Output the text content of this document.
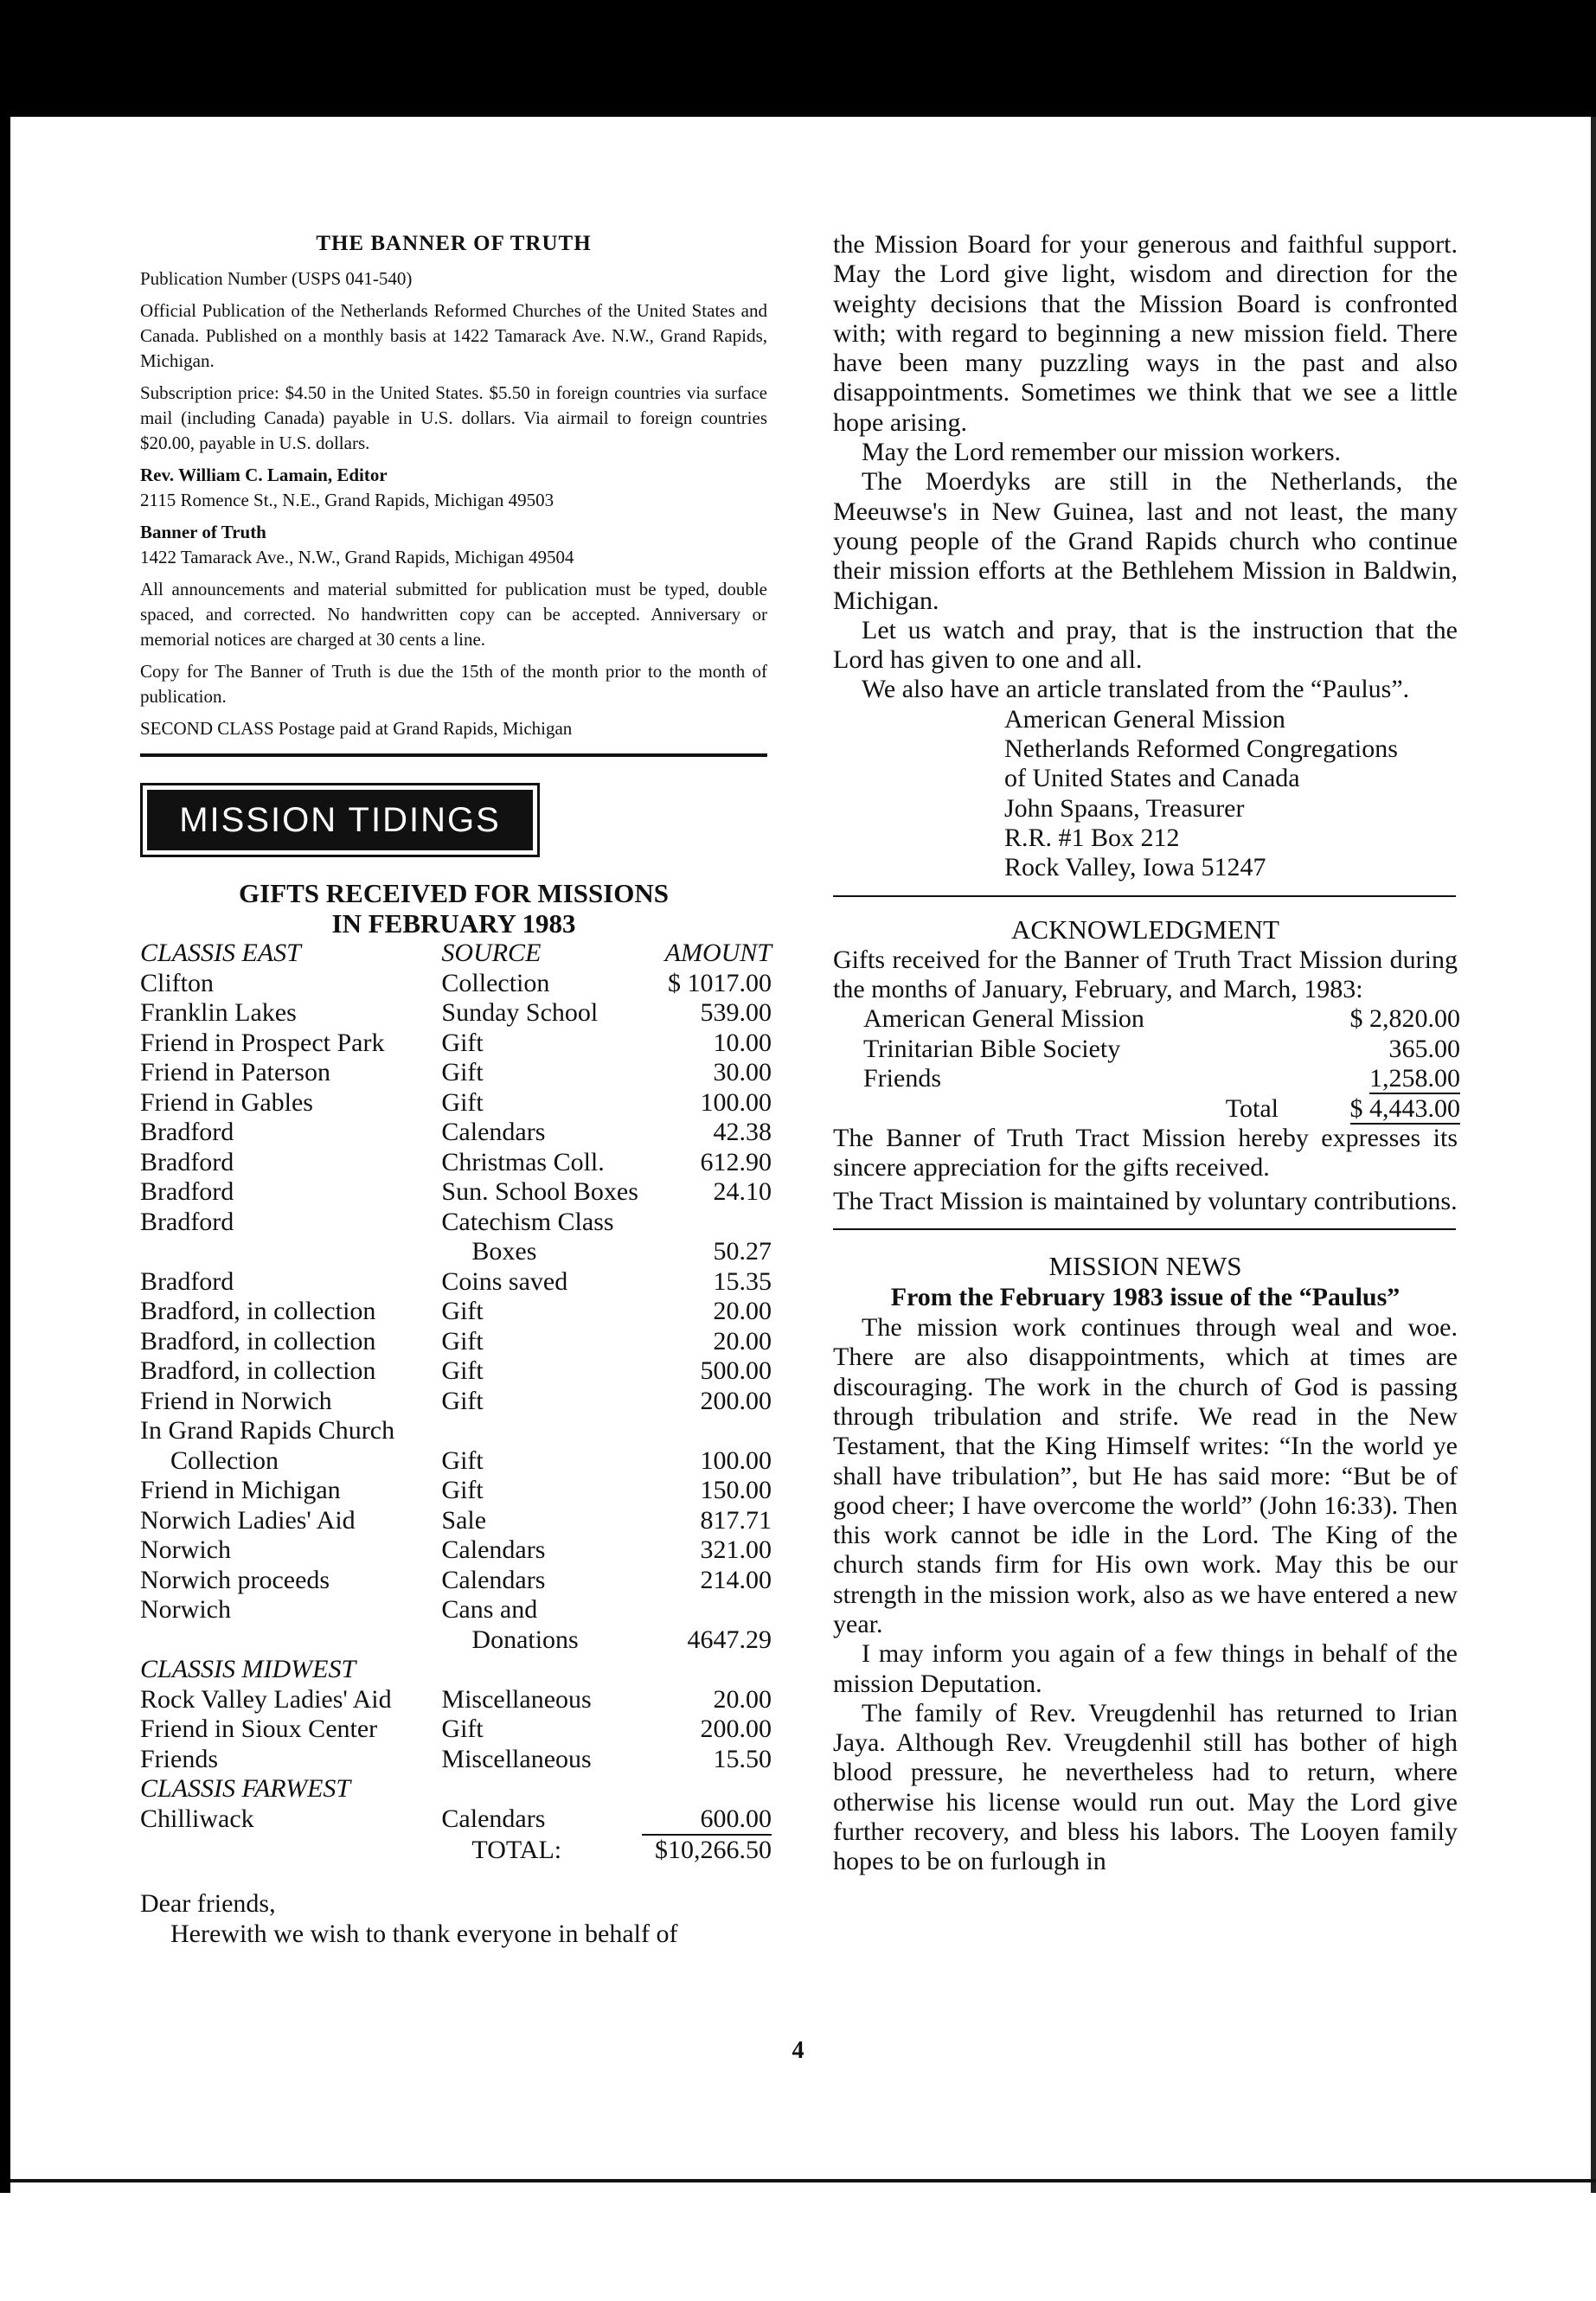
THE BANNER OF TRUTH

Publication Number (USPS 041-540)

Official Publication of the Netherlands Reformed Churches of the United States and Canada. Published on a monthly basis at 1422 Tamarack Ave. N.W., Grand Rapids, Michigan.

Subscription price: $4.50 in the United States. $5.50 in foreign countries via surface mail (including Canada) payable in U.S. dollars. Via airmail to foreign countries $20.00, payable in U.S. dollars.

Rev. William C. Lamain, Editor
2115 Romence St., N.E., Grand Rapids, Michigan 49503

Banner of Truth
1422 Tamarack Ave., N.W., Grand Rapids, Michigan 49504

All announcements and material submitted for publication must be typed, double spaced, and corrected. No handwritten copy can be accepted. Anniversary or memorial notices are charged at 30 cents a line.

Copy for The Banner of Truth is due the 15th of the month prior to the month of publication.

SECOND CLASS Postage paid at Grand Rapids, Michigan

MISSION TIDINGS
GIFTS RECEIVED FOR MISSIONS
IN FEBRUARY 1983
CLASSIS EAST	SOURCE	AMOUNT
Clifton	Collection	$ 1017.00
Franklin Lakes	Sunday School	539.00
Friend in Prospect Park	Gift	10.00
Friend in Paterson	Gift	30.00
Friend in Gables	Gift	100.00
Bradford	Calendars	42.38
Bradford	Christmas Coll.	612.90
Bradford	Sun. School Boxes	24.10
Bradford	Catechism Class	
	Boxes	50.27
Bradford	Coins saved	15.35
Bradford, in collection	Gift	20.00
Bradford, in collection	Gift	20.00
Bradford, in collection	Gift	500.00
Friend in Norwich	Gift	200.00
In Grand Rapids Church		
Collection	Gift	100.00
Friend in Michigan	Gift	150.00
Norwich Ladies' Aid	Sale	817.71
Norwich	Calendars	321.00
Norwich proceeds	Calendars	214.00
Norwich	Cans and	
	Donations	4647.29
CLASSIS MIDWEST		
Rock Valley Ladies' Aid	Miscellaneous	20.00
Friend in Sioux Center	Gift	200.00
Friends	Miscellaneous	15.50
CLASSIS FARWEST		
Chilliwack	Calendars	600.00
	TOTAL:	$10,266.50

Dear friends,

Herewith we wish to thank everyone in behalf of

the Mission Board for your generous and faithful support. May the Lord give light, wisdom and direction for the weighty decisions that the Mission Board is confronted with; with regard to beginning a new mission field. There have been many puzzling ways in the past and also disappointments. Sometimes we think that we see a little hope arising.

May the Lord remember our mission workers.

The Moerdyks are still in the Netherlands, the Meeuwse's in New Guinea, last and not least, the many young people of the Grand Rapids church who continue their mission efforts at the Bethlehem Mission in Baldwin, Michigan.

Let us watch and pray, that is the instruction that the Lord has given to one and all.

We also have an article translated from the “Paulus”.

American General Mission
Netherlands Reformed Congregations
of United States and Canada
John Spaans, Treasurer
R.R. #1 Box 212
Rock Valley, Iowa 51247
ACKNOWLEDGMENT

Gifts received for the Banner of Truth Tract Mission during the months of January, February, and March, 1983:

American General Mission	$ 2,820.00
Trinitarian Bible Society	365.00
Friends	1,258.00
Total	$ 4,443.00

The Banner of Truth Tract Mission hereby expresses its sincere appreciation for the gifts received.

The Tract Mission is maintained by voluntary contributions.

MISSION NEWS
From the February 1983 issue of the “Paulus”

The mission work continues through weal and woe. There are also disappointments, which at times are discouraging. The work in the church of God is passing through tribulation and strife. We read in the New Testament, that the King Himself writes: “In the world ye shall have tribulation”, but He has said more: “But be of good cheer; I have overcome the world” (John 16:33). Then this work cannot be idle in the Lord. The King of the church stands firm for His own work. May this be our strength in the mission work, also as we have entered a new year.

I may inform you again of a few things in behalf of the mission Deputation.

The family of Rev. Vreugdenhil has returned to Irian Jaya. Although Rev. Vreugdenhil still has bother of high blood pressure, he nevertheless had to return, where otherwise his license would run out. May the Lord give further recovery, and bless his labors. The Looyen family hopes to be on furlough in

4
